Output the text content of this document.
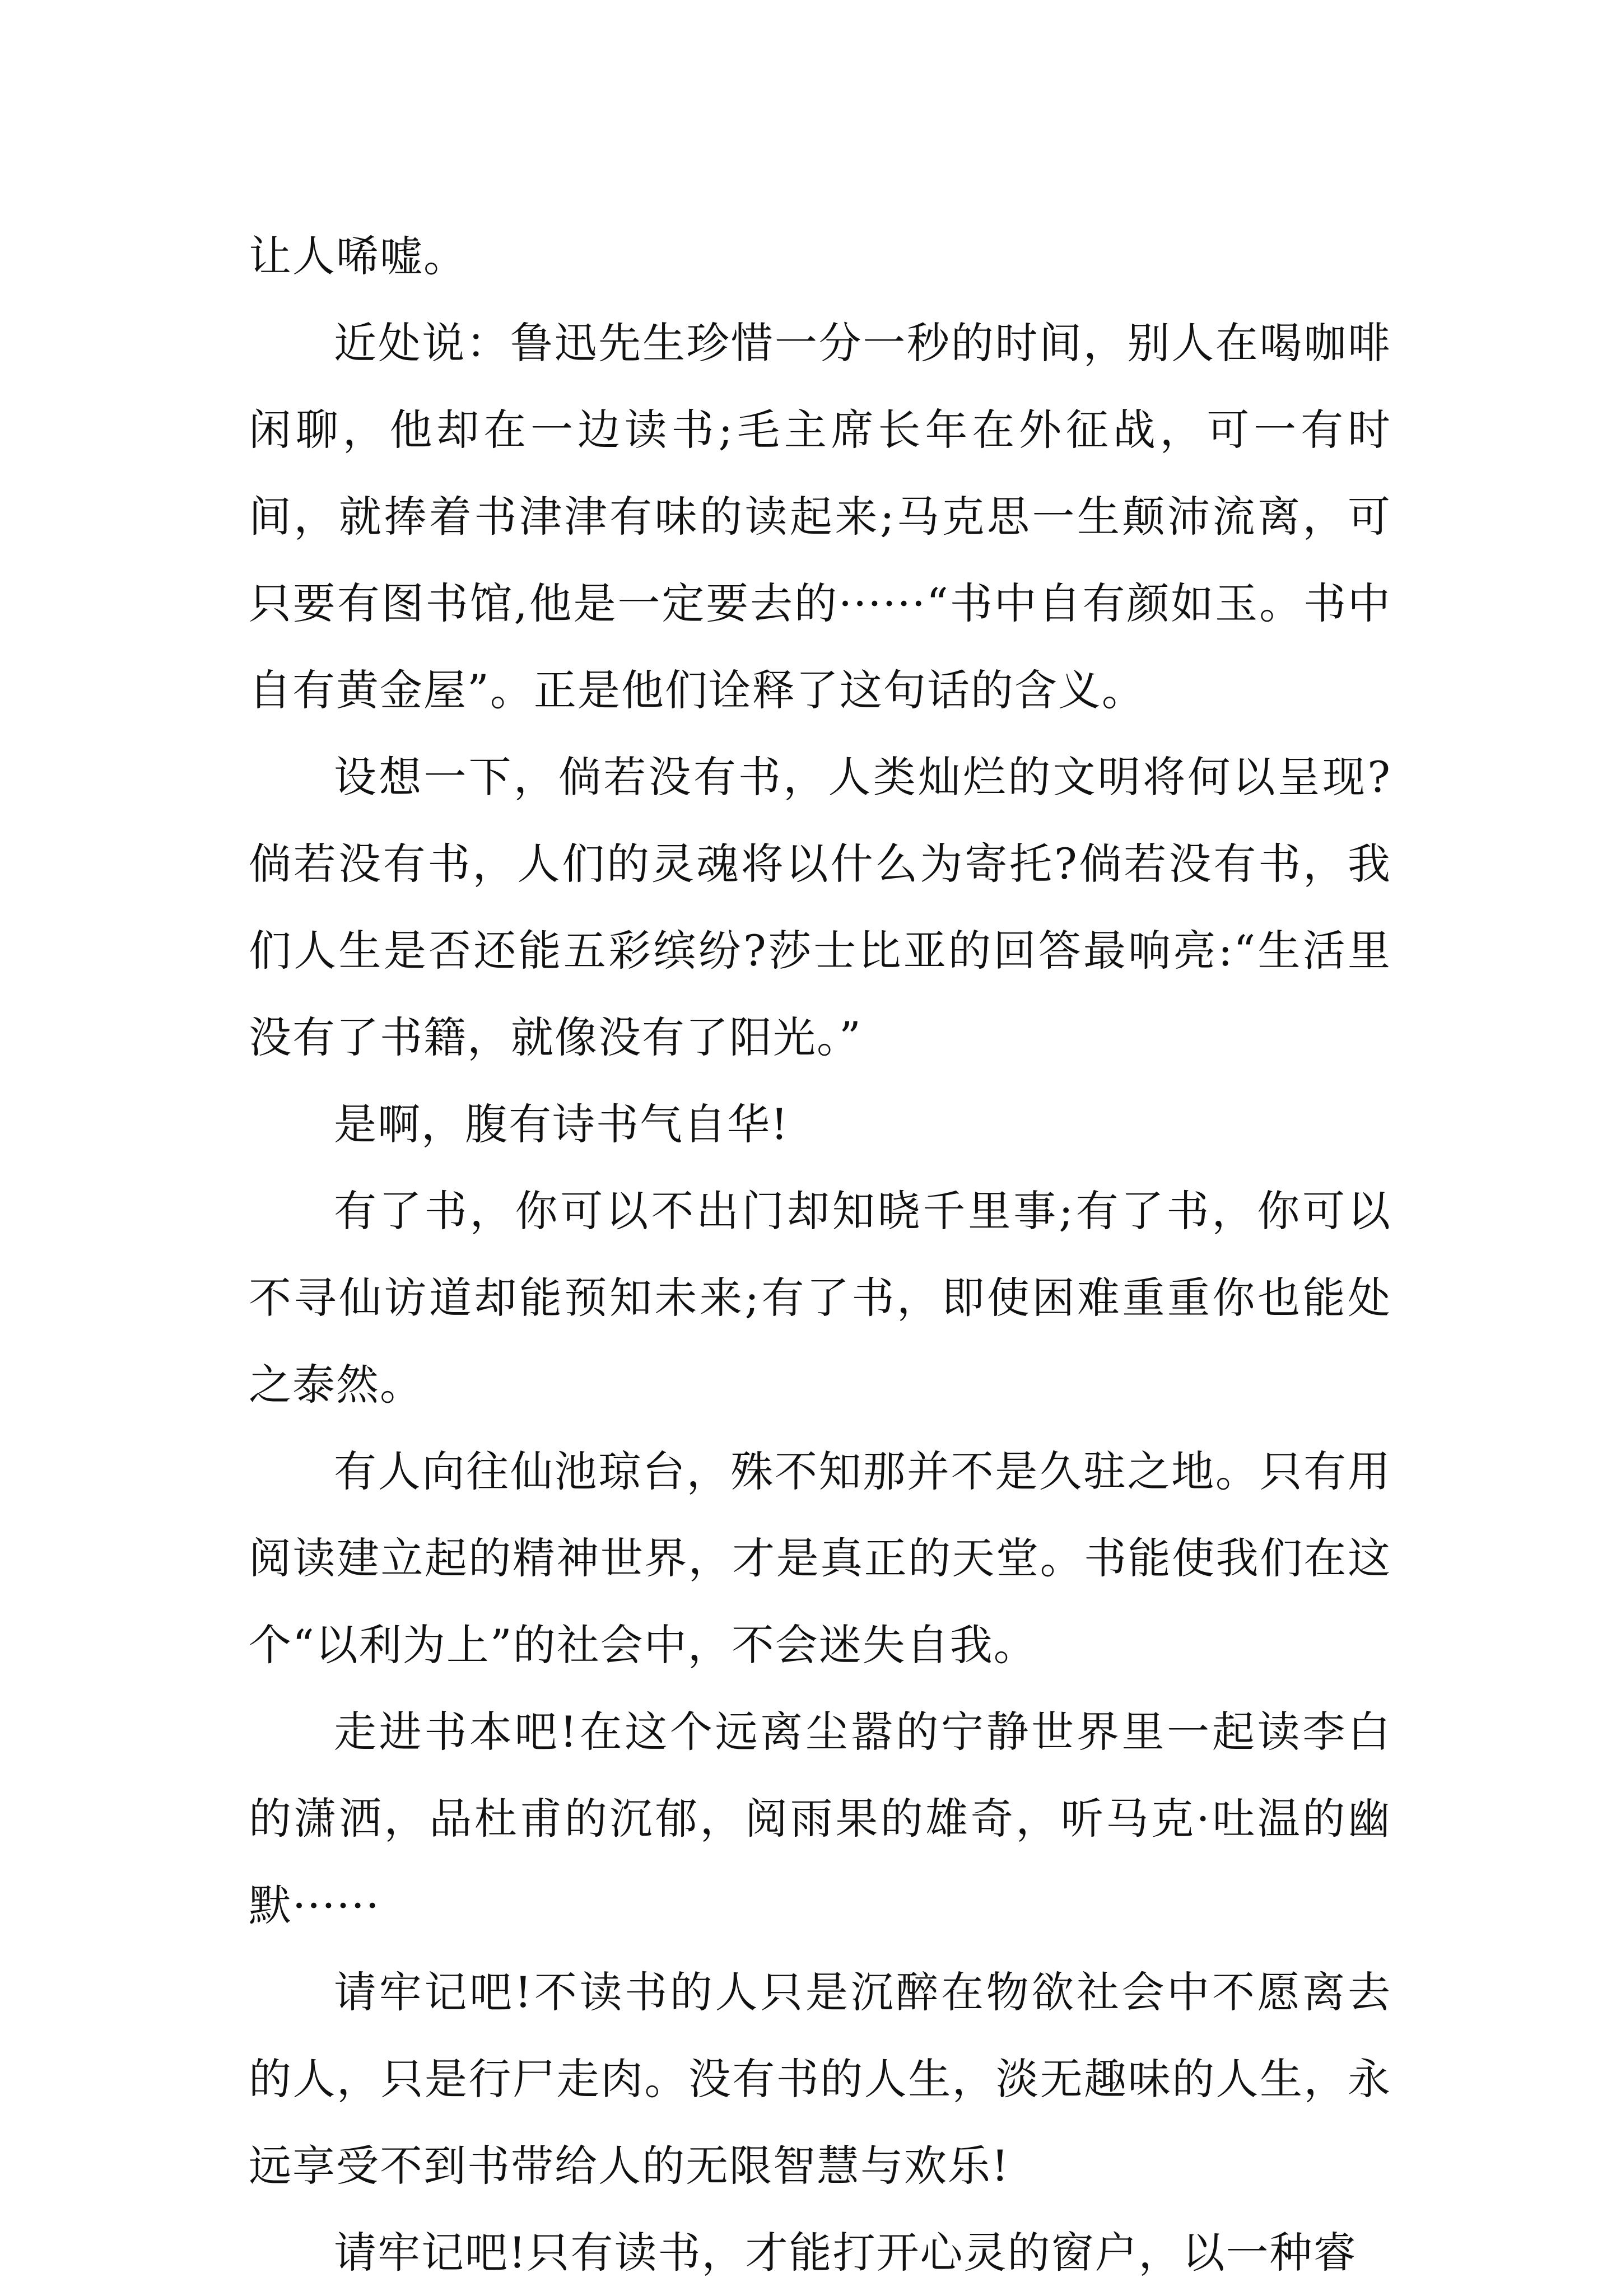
让人唏嘘。

近处说：鲁迅先生珍惜一分一秒的时间，别人在喝咖啡闲聊，他却在一边读书;毛主席长年在外征战，可一有时间，就捧着书津津有味的读起来;马克思一生颠沛流离，可只要有图书馆,他是一定要去的······“书中自有颜如玉。书中自有黄金屋”。正是他们诠释了这句话的含义。

设想一下，倘若没有书，人类灿烂的文明将何以呈现?倘若没有书，人们的灵魂将以什么为寄托?倘若没有书，我们人生是否还能五彩缤纷?莎士比亚的回答最响亮:“生活里没有了书籍，就像没有了阳光。”

是啊，腹有诗书气自华!

有了书，你可以不出门却知晓千里事;有了书，你可以不寻仙访道却能预知未来;有了书，即使困难重重你也能处之泰然。

有人向往仙池琼台，殊不知那并不是久驻之地。只有用阅读建立起的精神世界，才是真正的天堂。书能使我们在这个“以利为上”的社会中，不会迷失自我。

走进书本吧!在这个远离尘嚣的宁静世界里一起读李白的潇洒，品杜甫的沉郁，阅雨果的雄奇，听马克·吐温的幽默······

请牢记吧!不读书的人只是沉醉在物欲社会中不愿离去的人，只是行尸走肉。没有书的人生，淡无趣味的人生，永远享受不到书带给人的无限智慧与欢乐!

请牢记吧!只有读书，才能打开心灵的窗户，以一种睿
